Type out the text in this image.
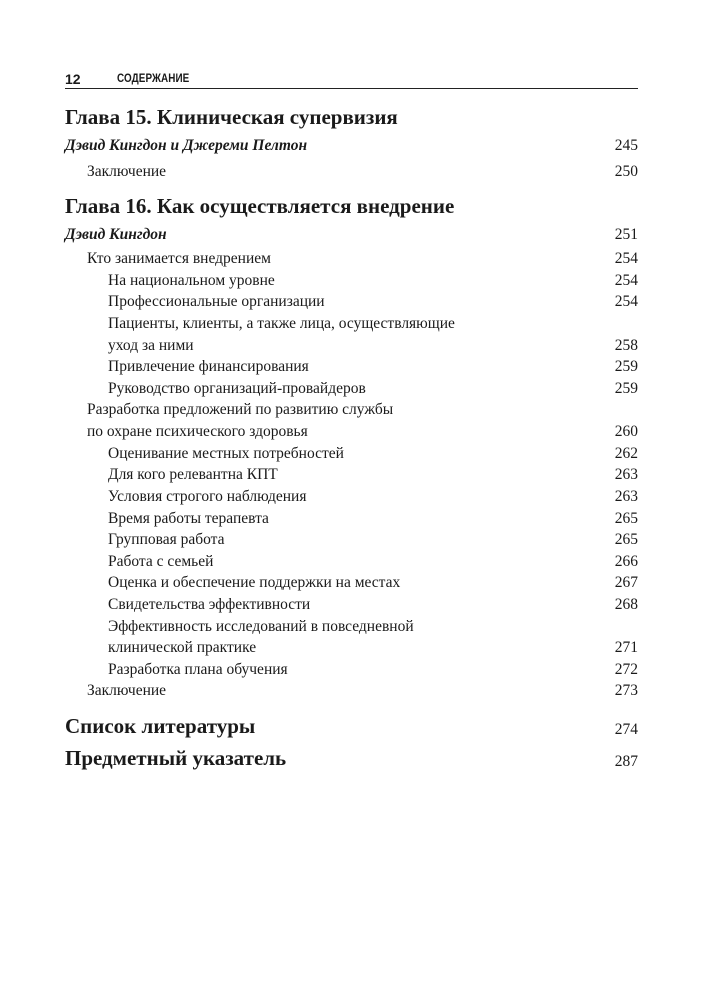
12	СОДЕРЖАНИЕ
Глава 15. Клиническая супервизия
Дэвид Кингдон и Джереми Пелтон	245
Заключение	250
Глава 16. Как осуществляется внедрение
Дэвид Кингдон	251
Кто занимается внедрением	254
На национальном уровне	254
Профессиональные организации	254
Пациенты, клиенты, а также лица, осуществляющие
уход за ними	258
Привлечение финансирования	259
Руководство организаций-провайдеров	259
Разработка предложений по развитию службы
по охране психического здоровья	260
Оценивание местных потребностей	262
Для кого релевантна КПТ	263
Условия строгого наблюдения	263
Время работы терапевта	265
Групповая работа	265
Работа с семьей	266
Оценка и обеспечение поддержки на местах	267
Свидетельства эффективности	268
Эффективность исследований в повседневной
клинической практике	271
Разработка плана обучения	272
Заключение	273
Список литературы	274
Предметный указатель	287
